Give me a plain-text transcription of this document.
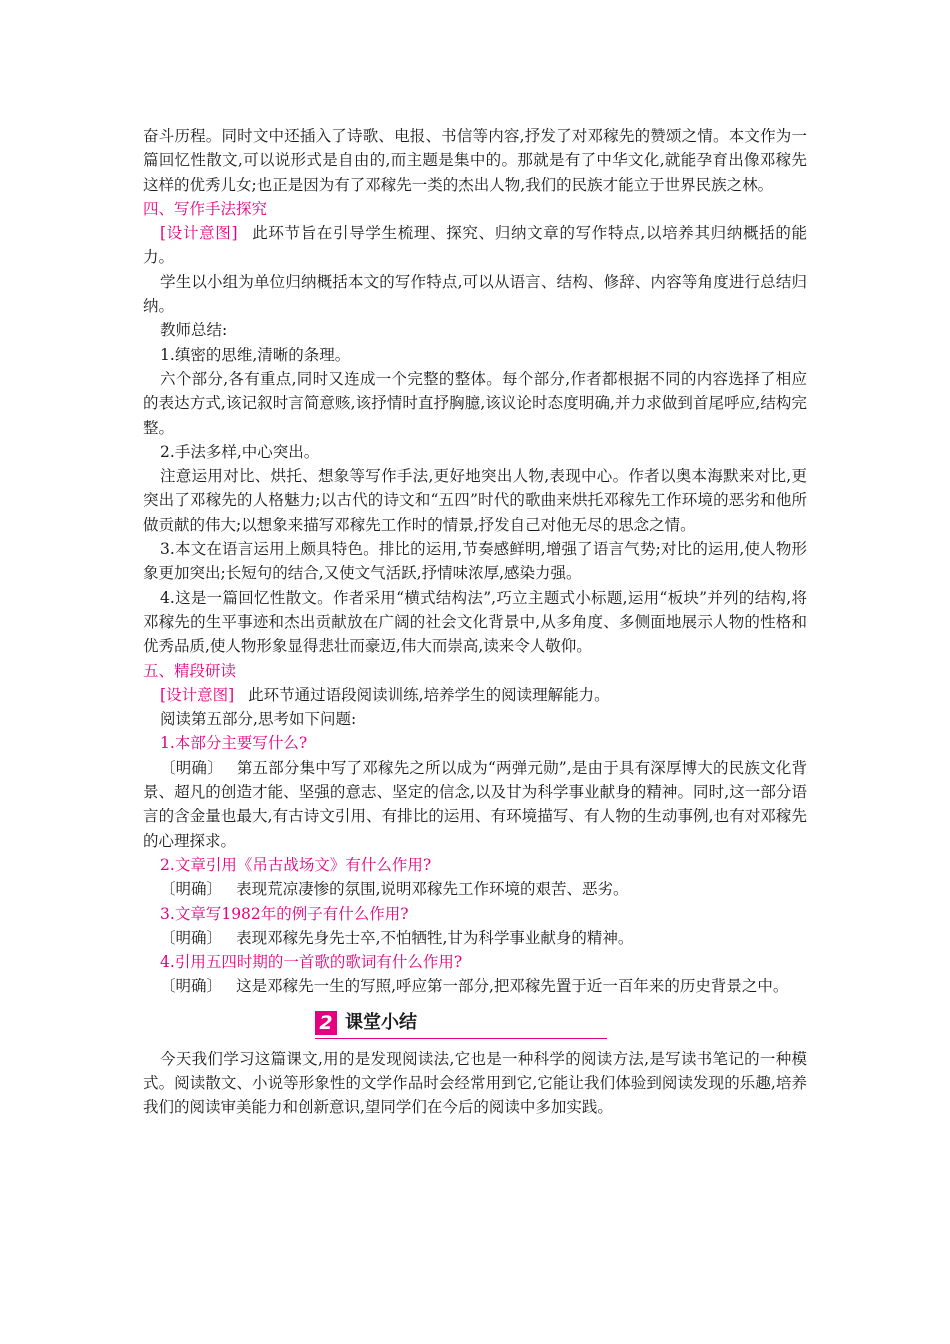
奋斗历程。同时文中还插入了诗歌、电报、书信等内容,抒发了对邓稼先的赞颂之情。本文作为一篇回忆性散文,可以说形式是自由的,而主题是集中的。那就是有了中华文化,就能孕育出像邓稼先这样的优秀儿女;也正是因为有了邓稼先一类的杰出人物,我们的民族才能立于世界民族之林。

四、写作手法探究

[设计意图] 此环节旨在引导学生梳理、探究、归纳文章的写作特点,以培养其归纳概括的能力。

学生以小组为单位归纳概括本文的写作特点,可以从语言、结构、修辞、内容等角度进行总结归纳。

教师总结:

1.缜密的思维,清晰的条理。

六个部分,各有重点,同时又连成一个完整的整体。每个部分,作者都根据不同的内容选择了相应的表达方式,该记叙时言简意赅,该抒情时直抒胸臆,该议论时态度明确,并力求做到首尾呼应,结构完整。

2.手法多样,中心突出。

注意运用对比、烘托、想象等写作手法,更好地突出人物,表现中心。作者以奥本海默来对比,更突出了邓稼先的人格魅力;以古代的诗文和“五四”时代的歌曲来烘托邓稼先工作环境的恶劣和他所做贡献的伟大;以想象来描写邓稼先工作时的情景,抒发自己对他无尽的思念之情。

3.本文在语言运用上颇具特色。排比的运用,节奏感鲜明,增强了语言气势;对比的运用,使人物形象更加突出;长短句的结合,又使文气活跃,抒情味浓厚,感染力强。

4.这是一篇回忆性散文。作者采用“横式结构法”,巧立主题式小标题,运用“板块”并列的结构,将邓稼先的生平事迹和杰出贡献放在广阔的社会文化背景中,从多角度、多侧面地展示人物的性格和优秀品质,使人物形象显得悲壮而豪迈,伟大而崇高,读来令人敬仰。

五、精段研读

[设计意图] 此环节通过语段阅读训练,培养学生的阅读理解能力。

阅读第五部分,思考如下问题:

1.本部分主要写什么?

〔明确〕 第五部分集中写了邓稼先之所以成为“两弹元勋”,是由于具有深厚博大的民族文化背景、超凡的创造才能、坚强的意志、坚定的信念,以及甘为科学事业献身的精神。同时,这一部分语言的含金量也最大,有古诗文引用、有排比的运用、有环境描写、有人物的生动事例,也有对邓稼先的心理探求。

2.文章引用《吊古战场文》有什么作用?

〔明确〕 表现荒凉凄惨的氛围,说明邓稼先工作环境的艰苦、恶劣。

3.文章写1982年的例子有什么作用?

〔明确〕 表现邓稼先身先士卒,不怕牺牲,甘为科学事业献身的精神。

4.引用五四时期的一首歌的歌词有什么作用?

〔明确〕 这是邓稼先一生的写照,呼应第一部分,把邓稼先置于近一百年来的历史背景之中。

2 课堂小结

今天我们学习这篇课文,用的是发现阅读法,它也是一种科学的阅读方法,是写读书笔记的一种模式。阅读散文、小说等形象性的文学作品时会经常用到它,它能让我们体验到阅读发现的乐趣,培养我们的阅读审美能力和创新意识,望同学们在今后的阅读中多加实践。
